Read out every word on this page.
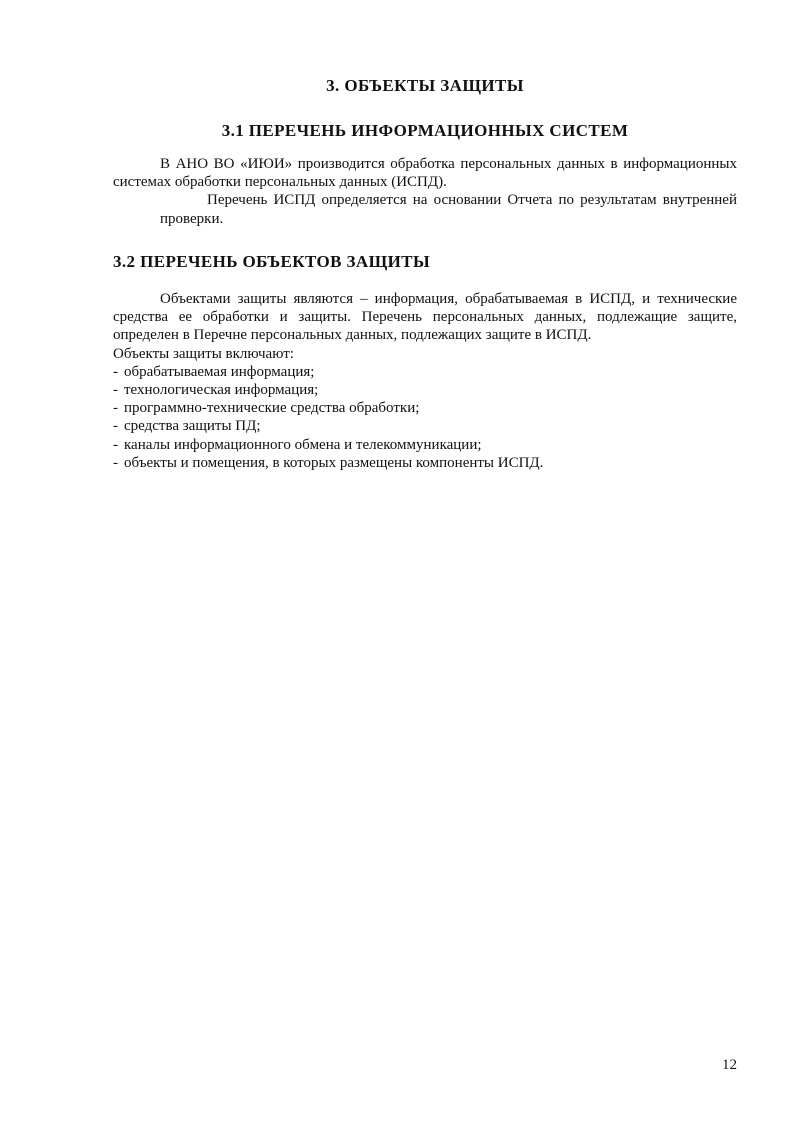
3. ОБЪЕКТЫ ЗАЩИТЫ
3.1 ПЕРЕЧЕНЬ ИНФОРМАЦИОННЫХ СИСТЕМ

В АНО ВО «ИЮИ» производится обработка персональных данных в информационных системах обработки персональных данных (ИСПД).

Перечень ИСПД определяется на основании Отчета по результатам внутренней проверки.

3.2 ПЕРЕЧЕНЬ ОБЪЕКТОВ ЗАЩИТЫ

Объектами защиты являются – информация, обрабатываемая в ИСПД, и технические средства ее обработки и защиты. Перечень персональных данных, подлежащие защите, определен в Перечне персональных данных, подлежащих защите в ИСПД.

Объекты защиты включают:

- обрабатываемая информация;
- технологическая информация;
- программно-технические средства обработки;
- средства защиты ПД;
- каналы информационного обмена и телекоммуникации;
- объекты и помещения, в которых размещены компоненты ИСПД.
12
